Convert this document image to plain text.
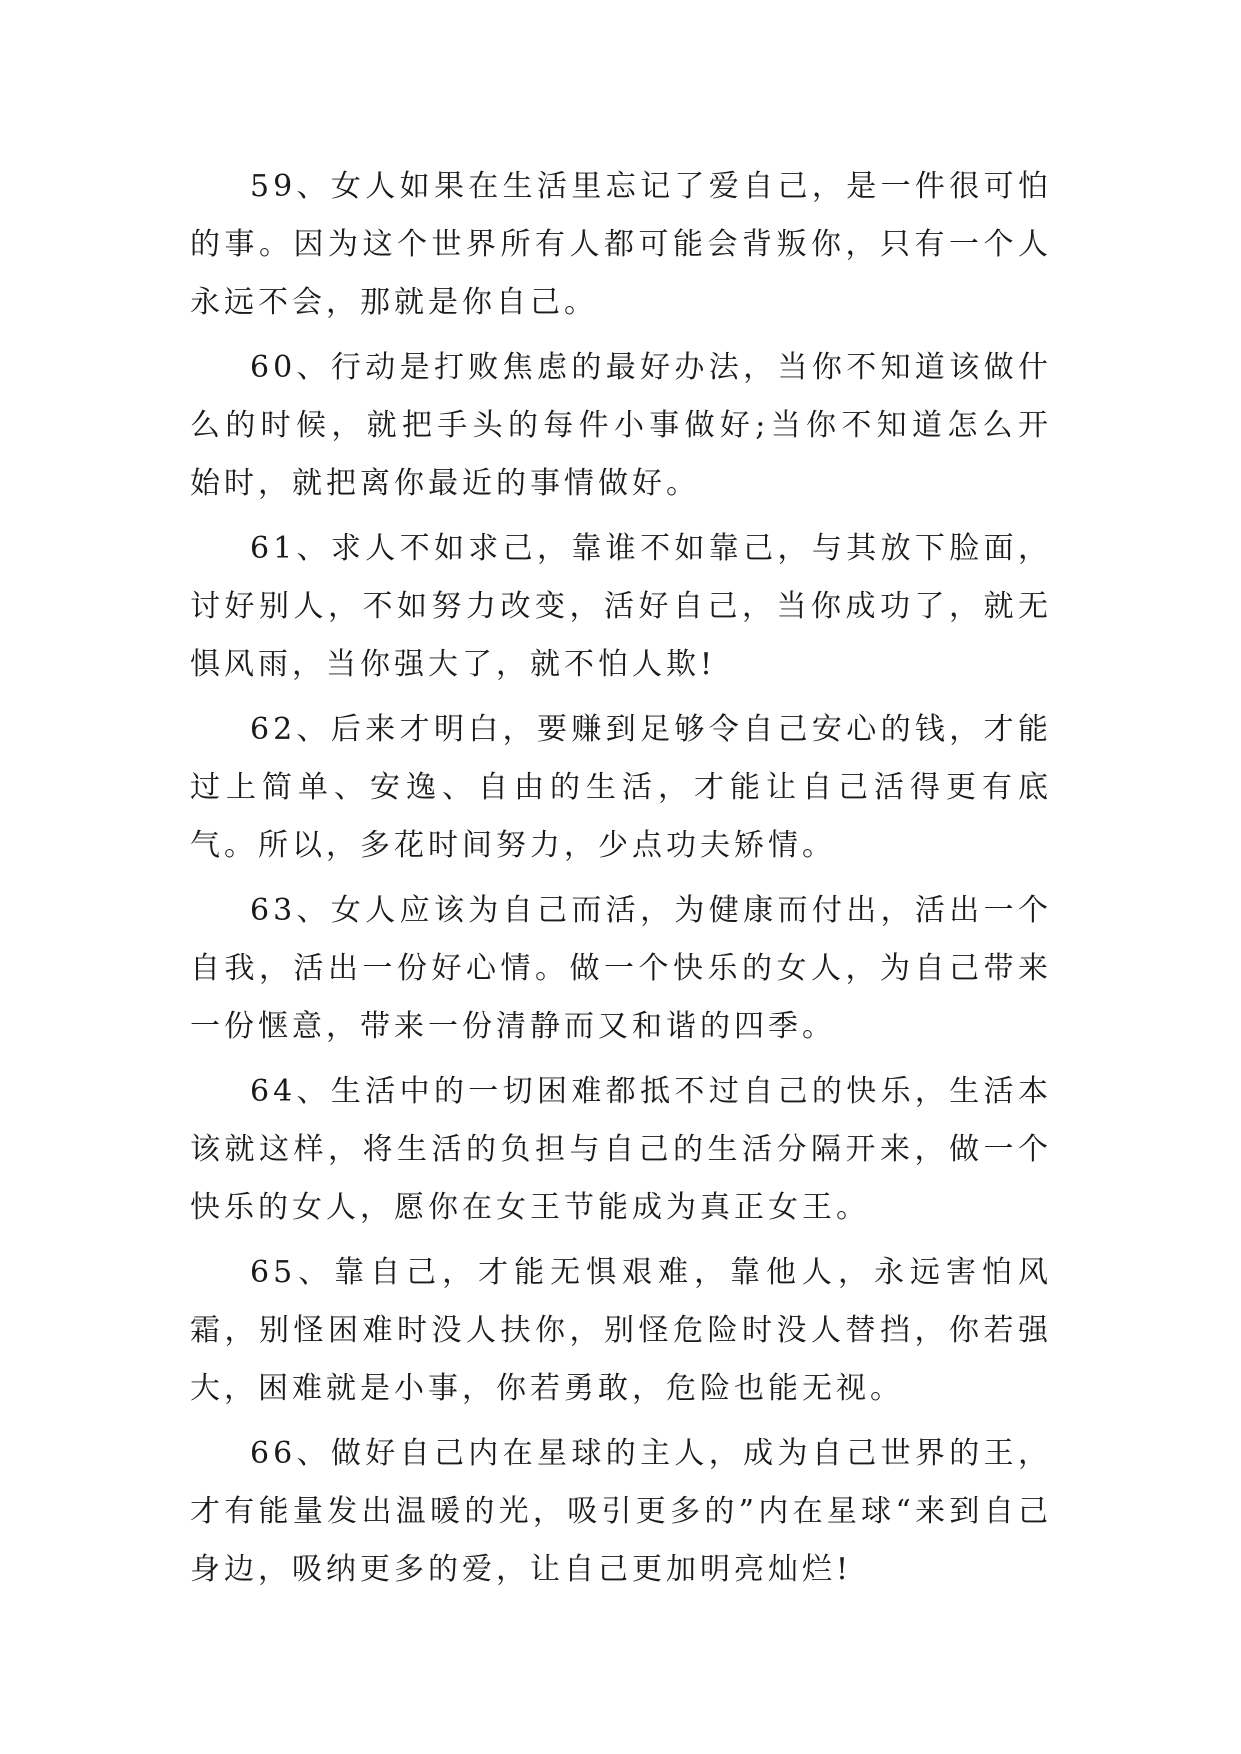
59、女人如果在生活里忘记了爱自己，是一件很可怕的事。因为这个世界所有人都可能会背叛你，只有一个人永远不会，那就是你自己。

60、行动是打败焦虑的最好办法，当你不知道该做什么的时候，就把手头的每件小事做好;当你不知道怎么开始时，就把离你最近的事情做好。

61、求人不如求己，靠谁不如靠己，与其放下脸面，讨好别人，不如努力改变，活好自己，当你成功了，就无惧风雨，当你强大了，就不怕人欺!

62、后来才明白，要赚到足够令自己安心的钱，才能过上简单、安逸、自由的生活，才能让自己活得更有底气。所以，多花时间努力，少点功夫矫情。

63、女人应该为自己而活，为健康而付出，活出一个自我，活出一份好心情。做一个快乐的女人，为自己带来一份惬意，带来一份清静而又和谐的四季。

64、生活中的一切困难都抵不过自己的快乐，生活本该就这样，将生活的负担与自己的生活分隔开来，做一个快乐的女人，愿你在女王节能成为真正女王。

65、靠自己，才能无惧艰难，靠他人，永远害怕风霜，别怪困难时没人扶你，别怪危险时没人替挡，你若强大，困难就是小事，你若勇敢，危险也能无视。

66、做好自己内在星球的主人，成为自己世界的王，才有能量发出温暖的光，吸引更多的”内在星球“来到自己身边，吸纳更多的爱，让自己更加明亮灿烂!
